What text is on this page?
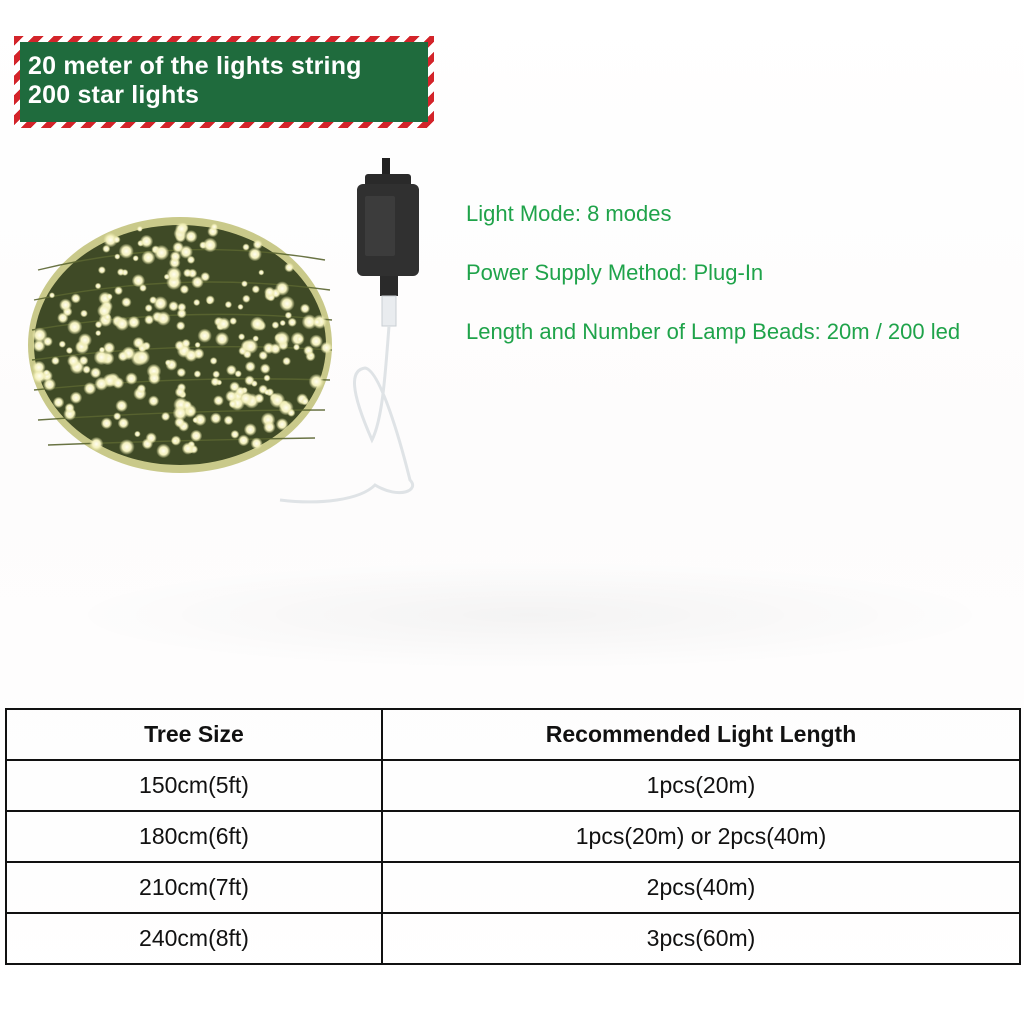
20 meter of the lights string
200 star lights
Light Mode: 8 modes
Power Supply Method: Plug-In
Length and Number of Lamp Beads: 20m / 200 led
Tree Size	Recommended Light Length
150cm(5ft)	1pcs(20m)
180cm(6ft)	1pcs(20m) or 2pcs(40m)
210cm(7ft)	2pcs(40m)
240cm(8ft)	3pcs(60m)
